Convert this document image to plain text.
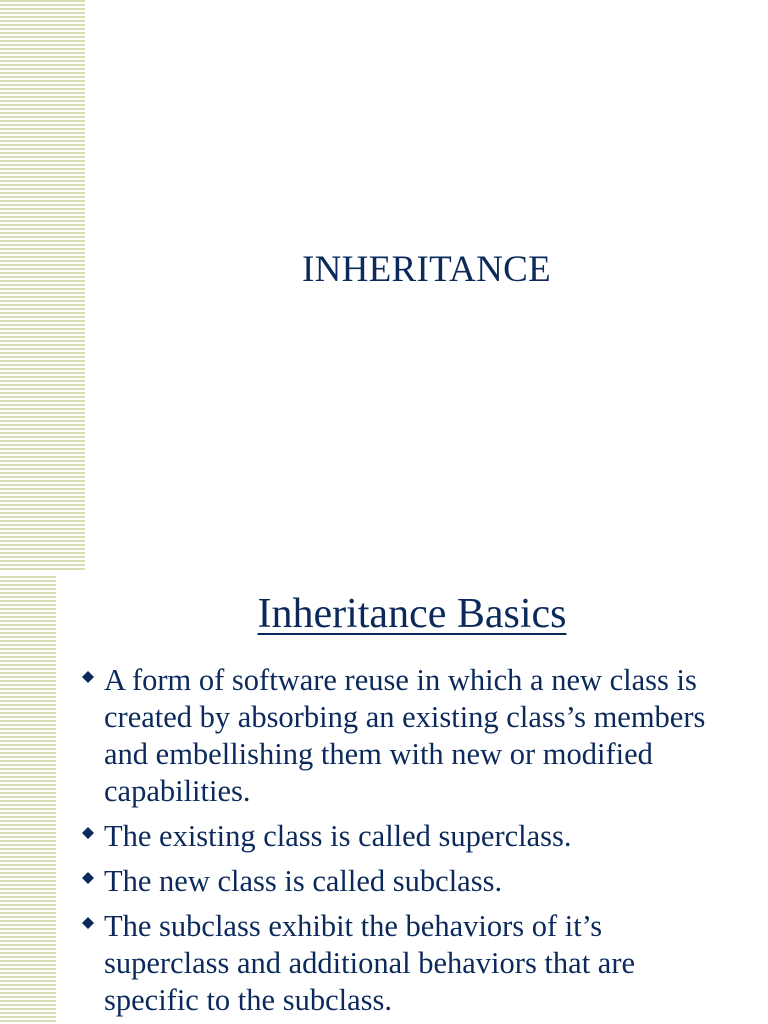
INHERITANCE
Inheritance Basics
A form of software reuse in which a new class is created by absorbing an existing class’s members and embellishing them with new or modified capabilities.
The existing class is called superclass.
The new class is called subclass.
The subclass exhibit the behaviors of it’s superclass and additional behaviors that are specific to the subclass.
